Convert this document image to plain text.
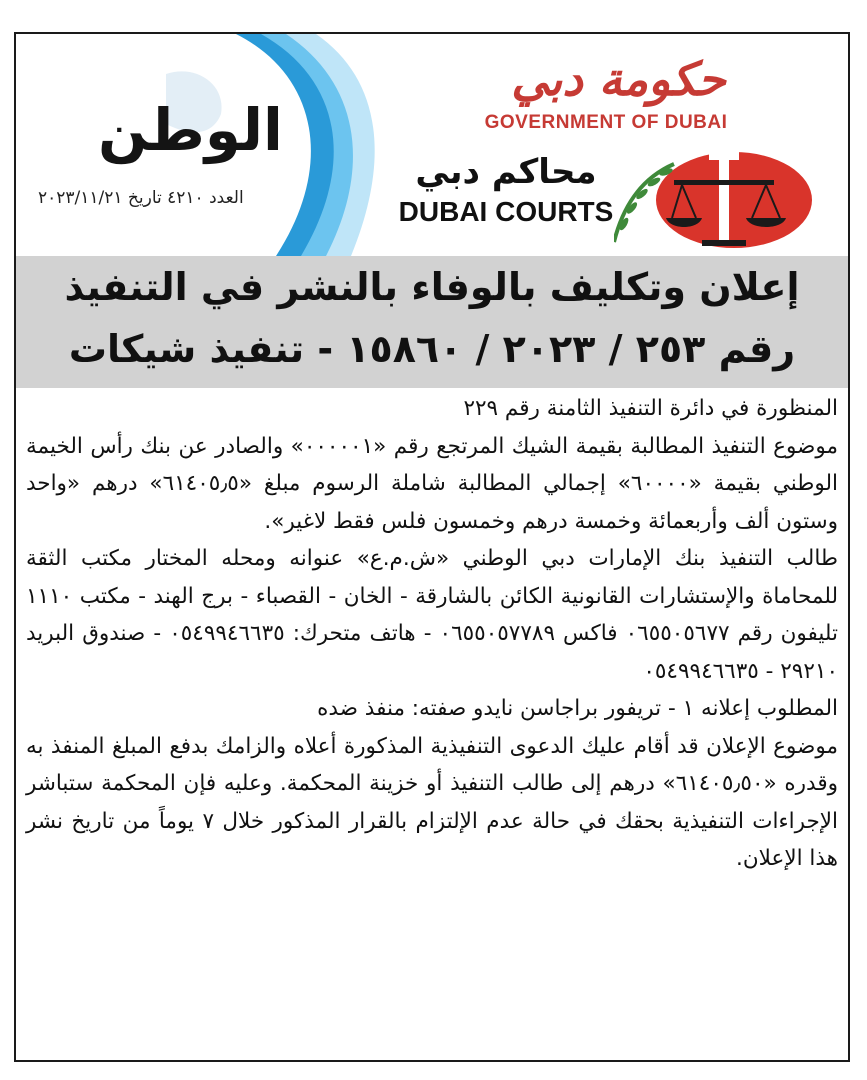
الوطن
العدد ٤٢١٠ تاريخ ٢٠٢٣/١١/٢١
حكومة دبي
GOVERNMENT OF DUBAI
محاكم دبي
DUBAI COURTS
إعلان وتكليف بالوفاء بالنشر في التنفيذ
رقم ٢٥٣ / ٢٠٢٣ / ١٥٨٦٠ - تنفيذ شيكات

المنظورة في دائرة التنفيذ الثامنة رقم ٢٢٩

موضوع التنفيذ المطالبة بقيمة الشيك المرتجع رقم «٠٠٠٠٠١» والصادر عن بنك رأس الخيمة الوطني بقيمة «٦٠٠٠٠» إجمالي المطالبة شاملة الرسوم مبلغ «٦١٤٠٥٫٥» درهم «واحد وستون ألف وأربعمائة وخمسة درهم وخمسون فلس فقط لاغير».

طالب التنفيذ بنك الإمارات دبي الوطني «ش.م.ع» عنوانه ومحله المختار مكتب الثقة للمحاماة والإستشارات القانونية الكائن بالشارقة - الخان - القصباء - برج الهند - مكتب ١١١٠ تليفون رقم ٠٦٥٥٠٥٦٧٧ فاكس ٠٦٥٥٠٥٧٧٨٩ - هاتف متحرك: ٠٥٤٩٩٤٦٦٣٥ - صندوق البريد ٢٩٢١٠ - ٠٥٤٩٩٤٦٦٣٥

المطلوب إعلانه ١ - تريفور براجاسن نايدو صفته: منفذ ضده

موضوع الإعلان قد أقام عليك الدعوى التنفيذية المذكورة أعلاه والزامك بدفع المبلغ المنفذ به وقدره «٦١٤٠٥٫٥٠» درهم إلى طالب التنفيذ أو خزينة المحكمة. وعليه فإن المحكمة ستباشر الإجراءات التنفيذية بحقك في حالة عدم الإلتزام بالقرار المذكور خلال ٧ يوماً من تاريخ نشر هذا الإعلان.
